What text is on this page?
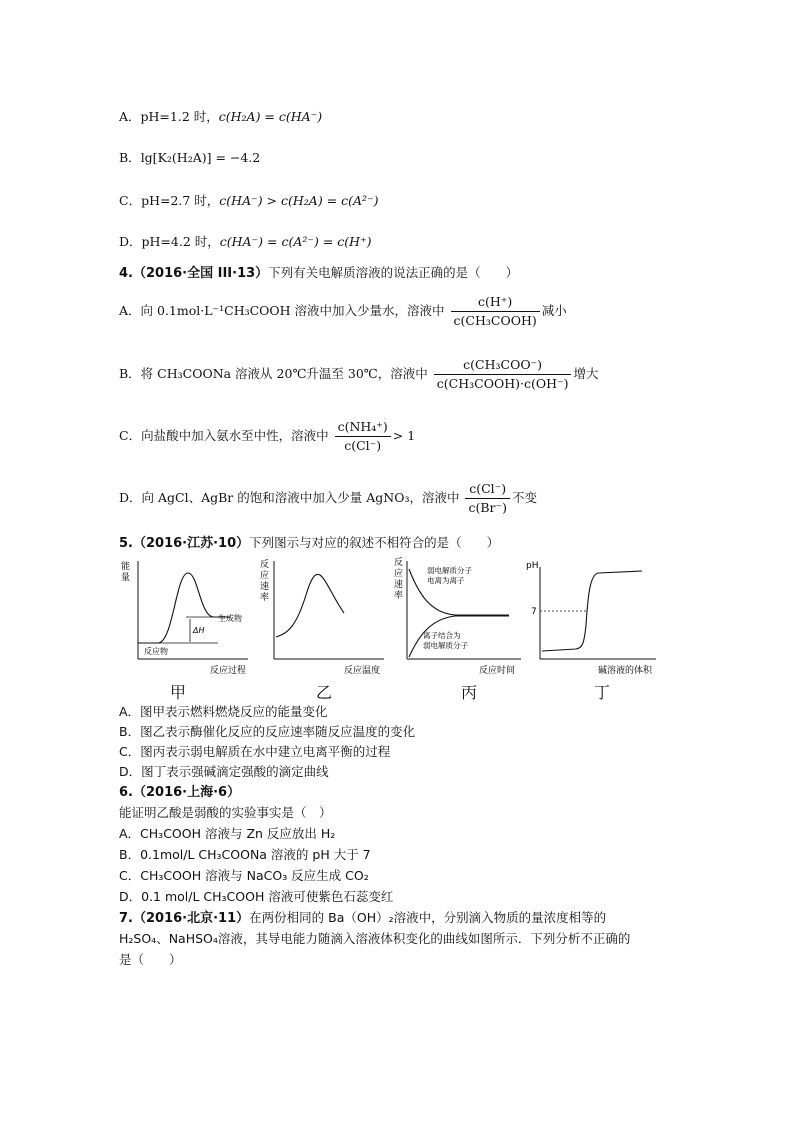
A．pH=1.2 时，c(H₂A) = c(HA⁻)
B．lg[K₂(H₂A)] = −4.2
C．pH=2.7 时，c(HA⁻) > c(H₂A) = c(A²⁻)
D．pH=4.2 时，c(HA⁻) = c(A²⁻) = c(H⁺)
4.（2016·全国 III·13）下列有关电解质溶液的说法正确的是（　　）
A．向 0.1mol·L⁻¹CH₃COOH 溶液中加入少量水，溶液中 $\frac{c(H^+)}{\text{c(CH₃COOH)}}$ 减小
B．将 CH₃COONa 溶液从 20℃升温至 30℃，溶液中 $\frac{\text{c(CH₃COO⁻)}}{\text{c(CH₃COOH)·c(OH⁻)}}$ 增大
C．向盐酸中加入氨水至中性，溶液中 $\frac{\text{c(NH₄⁺)}}{c(Cl^-)} > 1$
D．向 AgCl、AgBr 的饱和溶液中加入少量 AgNO₃，溶液中 $\frac{c(Cl^-)}{c(Br^-)}$ 不变
5.（2016·江苏·10）下列图示与对应的叙述不相符合的是（　　）
能
量
反应过程
生成物
反应物
ΔH
甲
反
应
速
率
反应温度
乙
反
应
速
率
弱电解质分子
电离为离子
离子结合为
弱电解质分子
反应时间
丙
pH
7
碱溶液的体积
丁
A．图甲表示燃料燃烧反应的能量变化
B．图乙表示酶催化反应的反应速率随反应温度的变化
C．图丙表示弱电解质在水中建立电离平衡的过程
D．图丁表示强碱滴定强酸的滴定曲线
6.（2016·上海·6）
能证明乙酸是弱酸的实验事实是（　）
A．CH₃COOH 溶液与 Zn 反应放出 H₂
B．0.1mol/L CH₃COONa 溶液的 pH 大于 7
C．CH₃COOH 溶液与 NaCO₃ 反应生成 CO₂
D．0.1 mol/L CH₃COOH 溶液可使紫色石蕊变红
7.（2016·北京·11）在两份相同的 Ba（OH）₂溶液中，分别滴入物质的量浓度相等的
H₂SO₄、NaHSO₄溶液，其导电能力随滴入溶液体积变化的曲线如图所示．下列分析不正确的
是（　　）
